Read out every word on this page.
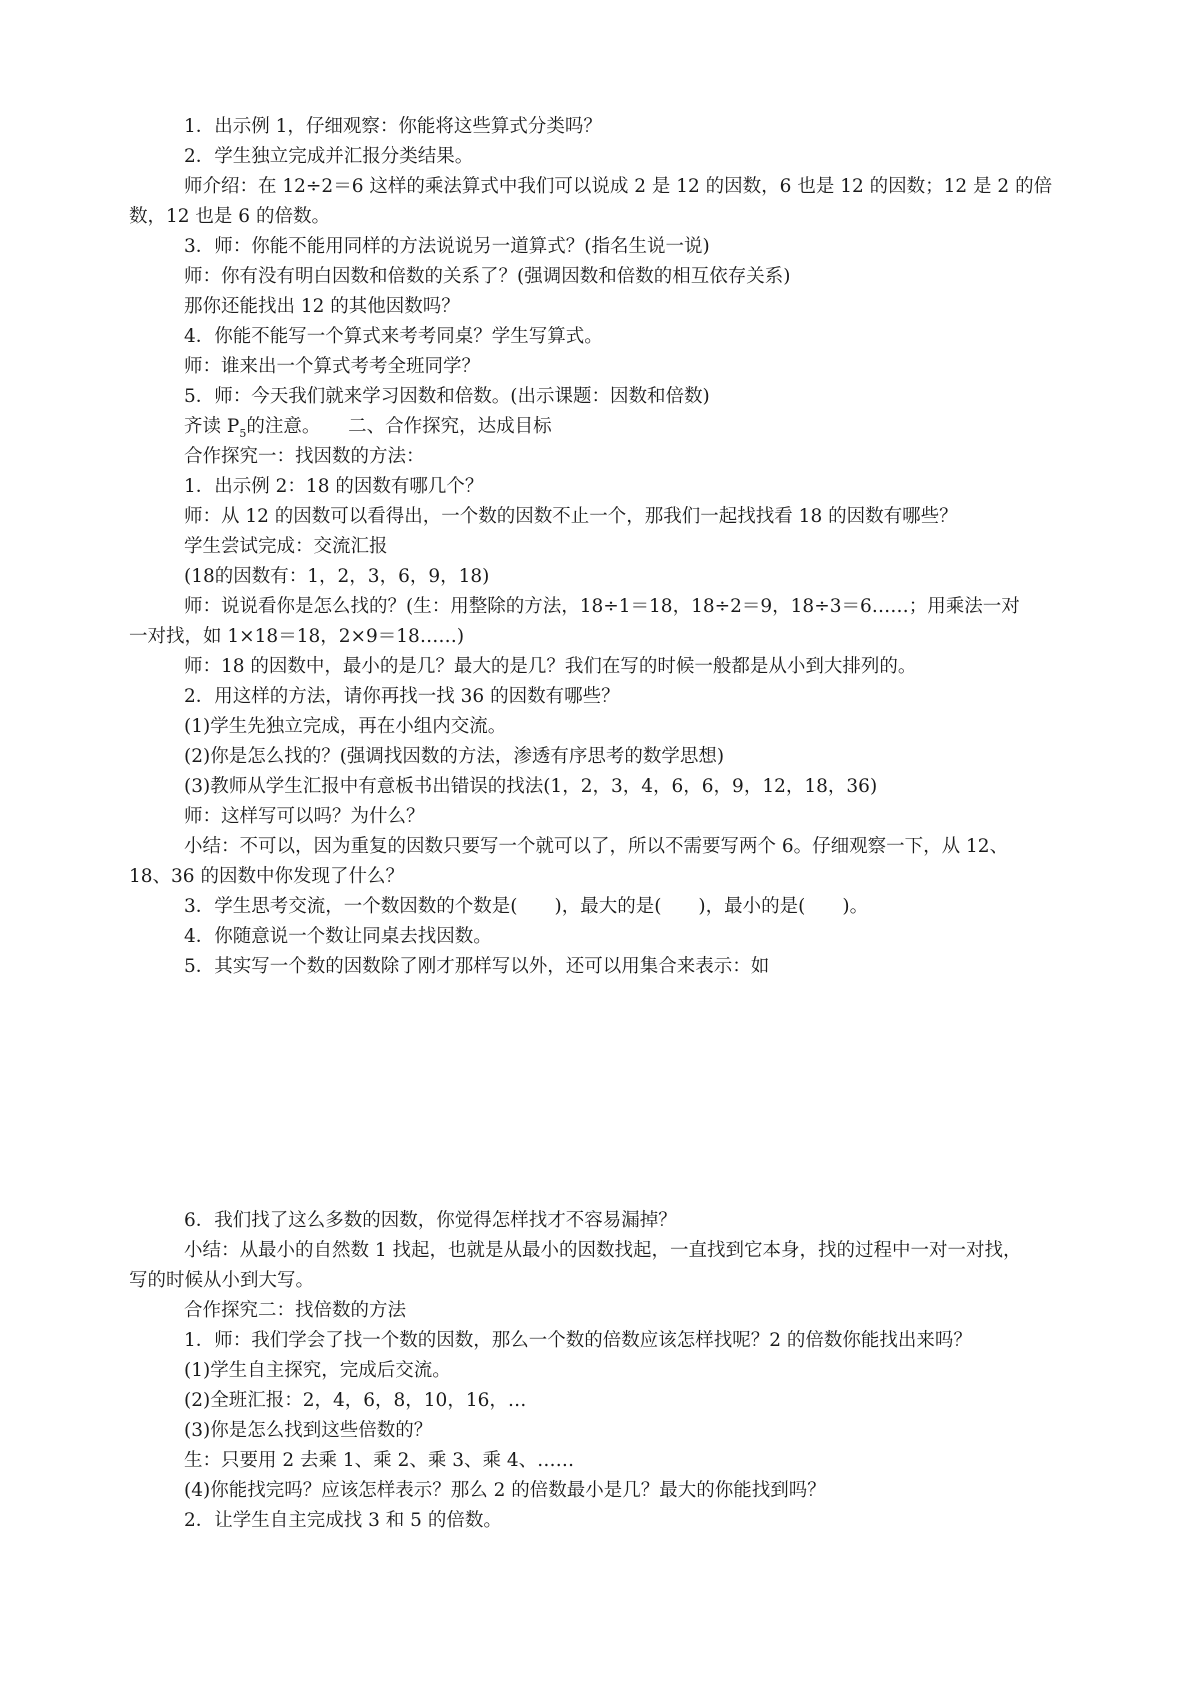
1．出示例 1，仔细观察：你能将这些算式分类吗？
2．学生独立完成并汇报分类结果。
师介绍：在 12÷2＝6 这样的乘法算式中我们可以说成 2 是 12 的因数，6 也是 12 的因数；12 是 2 的倍
数，12 也是 6 的倍数。
3．师：你能不能用同样的方法说说另一道算式？(指名生说一说)
师：你有没有明白因数和倍数的关系了？(强调因数和倍数的相互依存关系)
那你还能找出 12 的其他因数吗？
4．你能不能写一个算式来考考同桌？学生写算式。
师：谁来出一个算式考考全班同学？
5．师：今天我们就来学习因数和倍数。(出示课题：因数和倍数)
齐读 $P_5$的注意。　　二、合作探究，达成目标
合作探究一：找因数的方法：
1．出示例 2：18 的因数有哪几个？
师：从 12 的因数可以看得出，一个数的因数不止一个，那我们一起找找看 18 的因数有哪些？
学生尝试完成：交流汇报
(18的因数有：1，2，3，6，9，18)
师：说说看你是怎么找的？(生：用整除的方法，18÷1＝18，18÷2＝9，18÷3＝6……；用乘法一对
一对找，如 1×18＝18，2×9＝18……)
师：18 的因数中，最小的是几？最大的是几？我们在写的时候一般都是从小到大排列的。
2．用这样的方法，请你再找一找 36 的因数有哪些？
(1)学生先独立完成，再在小组内交流。
(2)你是怎么找的？(强调找因数的方法，渗透有序思考的数学思想)
(3)教师从学生汇报中有意板书出错误的找法(1，2，3，4，6，6，9，12，18，36)
师：这样写可以吗？为什么？
小结：不可以，因为重复的因数只要写一个就可以了，所以不需要写两个 6。仔细观察一下，从 12、
18、36 的因数中你发现了什么？
3．学生思考交流，一个数因数的个数是(　　)，最大的是(　　)，最小的是(　　)。
4．你随意说一个数让同桌去找因数。
5．其实写一个数的因数除了刚才那样写以外，还可以用集合来表示：如
6．我们找了这么多数的因数，你觉得怎样找才不容易漏掉？
小结：从最小的自然数 1 找起，也就是从最小的因数找起，一直找到它本身，找的过程中一对一对找，
写的时候从小到大写。
合作探究二：找倍数的方法
1．师：我们学会了找一个数的因数，那么一个数的倍数应该怎样找呢？2 的倍数你能找出来吗？
(1)学生自主探究，完成后交流。
(2)全班汇报：2，4，6，8，10，16，…
(3)你是怎么找到这些倍数的？
生：只要用 2 去乘 1、乘 2、乘 3、乘 4、……
(4)你能找完吗？应该怎样表示？那么 2 的倍数最小是几？最大的你能找到吗？
2．让学生自主完成找 3 和 5 的倍数。
